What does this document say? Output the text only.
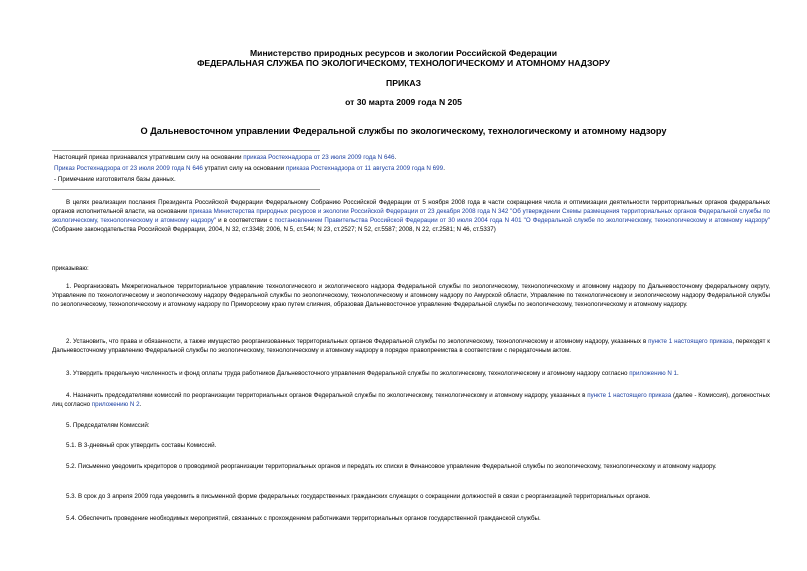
Министерство природных ресурсов и экологии Российской Федерации
ФЕДЕРАЛЬНАЯ СЛУЖБА ПО ЭКОЛОГИЧЕСКОМУ, ТЕХНОЛОГИЧЕСКОМУ И АТОМНОМУ НАДЗОРУ
ПРИКАЗ
от 30 марта 2009 года N 205
О Дальневосточном управлении Федеральной службы по экологическому, технологическому и атомному надзору
Настоящий приказ признавался утратившим силу на основании приказа Ростехнадзора от 23 июля 2009 года N 646.
Приказ Ростехнадзора от 23 июля 2009 года N 646 утратил силу на основании приказа Ростехнадзора от 11 августа 2009 года N 699.
- Примечание изготовителя базы данных.
В целях реализации послания Президента Российской Федерации Федеральному Собранию Российской Федерации от 5 ноября 2008 года в части сокращения числа и оптимизации деятельности территориальных органов федеральных органов исполнительной власти, на основании приказа Министерства природных ресурсов и экологии Российской Федерации от 23 декабря 2008 года N 342 "Об утверждении Схемы размещения территориальных органов Федеральной службы по экологическому, технологическому и атомному надзору" и в соответствии с постановлением Правительства Российской Федерации от 30 июля 2004 года N 401 "О Федеральной службе по экологическому, технологическому и атомному надзору" (Собрание законодательства Российской Федерации, 2004, N 32, ст.3348; 2006, N 5, ст.544; N 23, ст.2527; N 52, ст.5587; 2008, N 22, ст.2581; N 46, ст.5337)
приказываю:
1. Реорганизовать Межрегиональное территориальное управление технологического и экологического надзора Федеральной службы по экологическому, технологическому и атомному надзору по Дальневосточному федеральному округу, Управление по технологическому и экологическому надзору Федеральной службы по экологическому, технологическому и атомному надзору по Амурской области, Управление по технологическому и экологическому надзору Федеральной службы по экологическому, технологическому и атомному надзору по Приморскому краю путем слияния, образовав Дальневосточное управление Федеральной службы по экологическому, технологическому и атомному надзору.
2. Установить, что права и обязанности, а также имущество реорганизованных территориальных органов Федеральной службы по экологическому, технологическому и атомному надзору, указанных в пункте 1 настоящего приказа, переходят к Дальневосточному управлению Федеральной службы по экологическому, технологическому и атомному надзору в порядке правопреемства в соответствии с передаточным актом.
3. Утвердить предельную численность и фонд оплаты труда работников Дальневосточного управления Федеральной службы по экологическому, технологическому и атомному надзору согласно приложению N 1.
4. Назначить председателями комиссий по реорганизации территориальных органов Федеральной службы по экологическому, технологическому и атомному надзору, указанных в пункте 1 настоящего приказа (далее - Комиссия), должностных лиц согласно приложению N 2.
5. Председателям Комиссий:
5.1. В 3-дневный срок утвердить составы Комиссий.
5.2. Письменно уведомить кредиторов о проводимой реорганизации территориальных органов и передать их списки в Финансовое управление Федеральной службы по экологическому, технологическому и атомному надзору.
5.3. В срок до 3 апреля 2009 года уведомить в письменной форме федеральных государственных гражданских служащих о сокращении должностей в связи с реорганизацией территориальных органов.
5.4. Обеспечить проведение необходимых мероприятий, связанных с прохождением работниками территориальных органов государственной гражданской службы.
